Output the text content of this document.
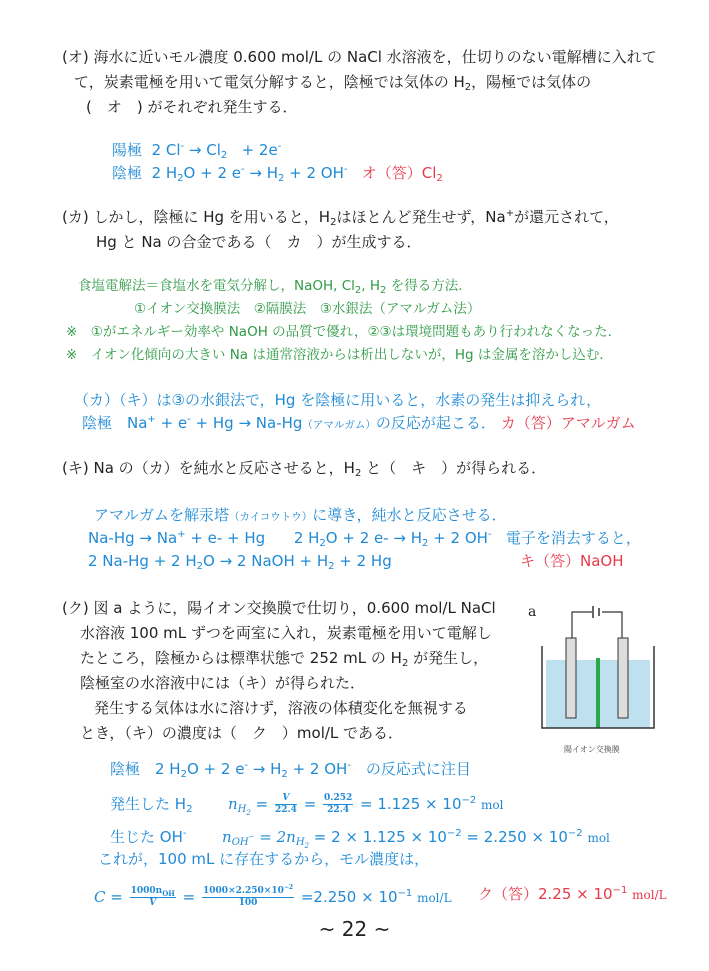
(オ) 海水に近いモル濃度 0.600 mol/L の NaCl 水溶液を，仕切りのない電解槽に入れて
て，炭素電極を用いて電気分解すると，陰極では気体の $H_2$，陽極では気体の
(　オ　) がそれぞれ発生する．
陽極 2 $Cl^- \to Cl_2 + 2e^-$
陰極 2 $H_2O + 2$ $e^- \to H_2 + 2$ OH- オ（答）$Cl_2$
(カ) しかし，陰極に Hg を用いると，$H_2$はほとんど発生せず，Na+が還元されて，
Hg と Na の合金である（　カ　）が生成する．
食塩電解法＝食塩水を電気分解し，NaOH, $Cl_2$, $H_2$ を得る方法．
①イオン交換膜法　②隔膜法　③水銀法（アマルガム法）
※　①がエネルギー効率や NaOH の品質で優れ，②③は環境問題もあり行われなくなった．
※　イオン化傾向の大きい Na は通常溶液からは析出しないが，Hg は金属を溶かし込む．
（カ）（キ）は③の水銀法で，Hg を陰極に用いると，水素の発生は抑えられ，
陰極　Na+ + e- + Hg → Na-Hg（アマルガム）の反応が起こる． カ（答）アマルガム
(キ) Na の（カ）を純水と反応させると，$H_2$ と（　キ　）が得られる．
アマルガムを解汞塔（カイコウトウ）に導き，純水と反応させる．
Na-Hg → Na+ + e- + Hg 2 $H_2O + 2$ $e- \to H_2 + 2$ OH- 電子を消去すると，
2 Na-Hg + 2 $H_2O \to 2$ NaOH + $H_2 + 2$ Hg	キ（答）NaOH
(ク) 図 a ように，陽イオン交換膜で仕切り，0.600 mol/L NaCl
水溶液 100 mL ずつを両室に入れ，炭素電極を用いて電解し
たところ，陰極からは標準状態で 252 mL の $H_2$ が発生し，
陰極室の水溶液中には（キ）が得られた．
発生する気体は水に溶けず，溶液の体積変化を無視する
とき，（キ）の濃度は（　ク　）mol/L である．
a
陽イオン交換膜
陰極　2 $H_2O + 2$ $e^- \to H_2 + 2$ OH-　の反応式に注目
発生した $H_2$ $n_{H_2} = \frac{V}{22.4} = \frac{0.252}{22.4} = 1.125 \times 10^{-2}$ mol
生じた OH- $n_{OH^-} = 2n_{H_2} = 2 \times 1.125 \times 10^{-2} = 2.250 \times 10^{-2}$ mol
これが，100 mL に存在するから，モル濃度は，
$C = \frac{1000n_{OH}}{V} = \frac{1000\times 2.250\times 10^{-2}}{100} =2.250 \times 10^{-1}$ mol/L ク（答）$2.25 \times 10^{-1}$ mol/L
~ 22 ~
